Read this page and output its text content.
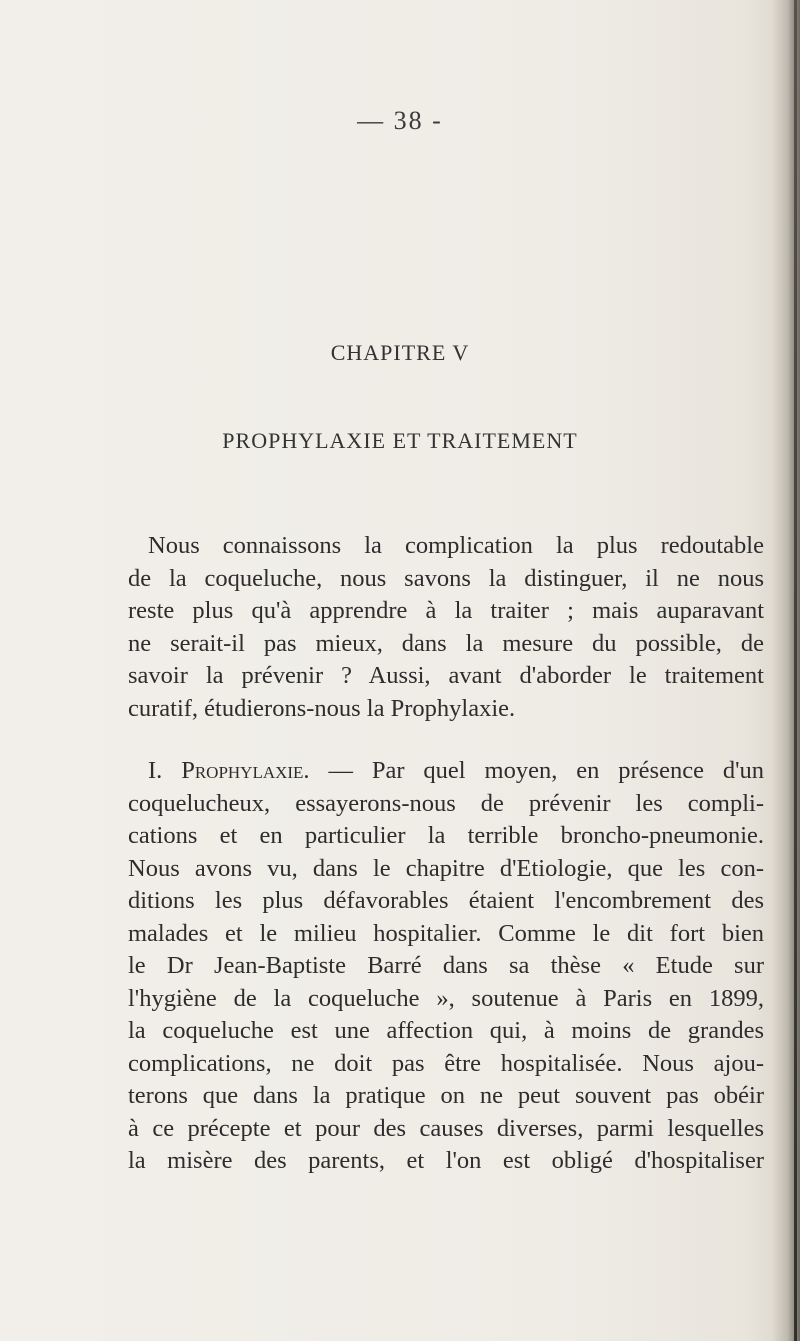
— 38 -
CHAPITRE V
PROPHYLAXIE ET TRAITEMENT
Nous connaissons la complication la plus redoutable
de la coqueluche, nous savons la distinguer, il ne nous
reste plus qu'à apprendre à la traiter ; mais auparavant
ne serait-il pas mieux, dans la mesure du possible, de
savoir la prévenir ? Aussi, avant d'aborder le traitement
curatif, étudierons-nous la Prophylaxie.
I. Prophylaxie. — Par quel moyen, en présence d'un
coquelucheux, essayerons-nous de prévenir les compli-
cations et en particulier la terrible broncho-pneumonie.
Nous avons vu, dans le chapitre d'Etiologie, que les con-
ditions les plus défavorables étaient l'encombrement des
malades et le milieu hospitalier. Comme le dit fort bien
le Dr Jean-Baptiste Barré dans sa thèse « Etude sur
l'hygiène de la coqueluche », soutenue à Paris en 1899,
la coqueluche est une affection qui, à moins de grandes
complications, ne doit pas être hospitalisée. Nous ajou-
terons que dans la pratique on ne peut souvent pas obéir
à ce précepte et pour des causes diverses, parmi lesquelles
la misère des parents, et l'on est obligé d'hospitaliser
